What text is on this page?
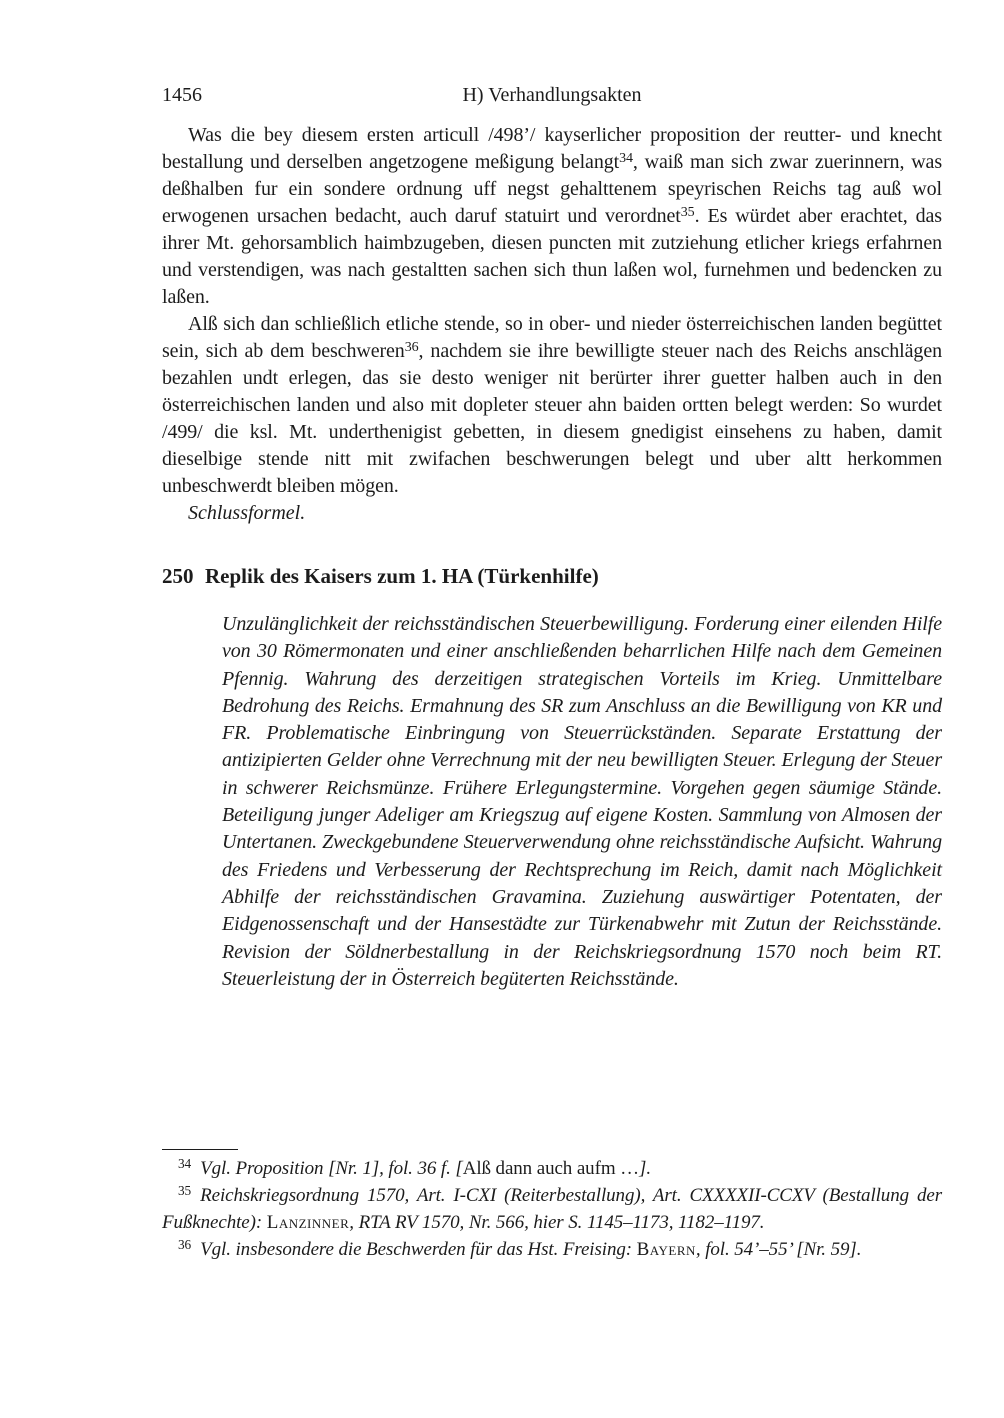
1456	H) Verhandlungsakten

Was die bey diesem ersten articull /498’/ kayserlicher proposition der reutter- und knecht bestallung und derselben angetzogene meßigung belangt$^{34}$, waiß man sich zwar zuerinnern, was deßhalben fur ein sondere ordnung uff negst gehalttenem speyrischen Reichs tag auß wol erwogenen ursachen bedacht, auch daruf statuirt und verordnet$^{35}$. Es würdet aber erachtet, das ihrer Mt. gehorsamblich haimbzugeben, diesen puncten mit zutziehung etlicher kriegs erfahrnen und verstendigen, was nach gestaltten sachen sich thun laßen wol, furnehmen und bedencken zu laßen.

Alß sich dan schließlich etliche stende, so in ober- und nieder österreichischen landen begüttet sein, sich ab dem beschweren$^{36}$, nachdem sie ihre bewilligte steuer nach des Reichs anschlägen bezahlen undt erlegen, das sie desto weniger nit berürter ihrer guetter halben auch in den österreichischen landen und also mit dopleter steuer ahn baiden ortten belegt werden: So wurdet /499/ die ksl. Mt. underthenigist gebetten, in diesem gnedigist einsehens zu haben, damit dieselbige stende nitt mit zwifachen beschwerungen belegt und uber altt herkommen unbeschwerdt bleiben mögen.

Schlussformel.

250 Replik des Kaisers zum 1. HA (Türkenhilfe)

Unzulänglichkeit der reichsständischen Steuerbewilligung. Forderung einer eilenden Hilfe von 30 Römermonaten und einer anschließenden beharrlichen Hilfe nach dem Gemeinen Pfennig. Wahrung des derzeitigen strategischen Vorteils im Krieg. Unmittelbare Bedrohung des Reichs. Ermahnung des SR zum Anschluss an die Bewilligung von KR und FR. Problematische Einbringung von Steuerrückständen. Separate Erstattung der antizipierten Gelder ohne Verrechnung mit der neu bewilligten Steuer. Erlegung der Steuer in schwerer Reichsmünze. Frühere Erlegungstermine. Vorgehen gegen säumige Stände. Beteiligung junger Adeliger am Kriegszug auf eigene Kosten. Sammlung von Almosen der Untertanen. Zweckgebundene Steuerverwendung ohne reichsständische Aufsicht. Wahrung des Friedens und Verbesserung der Rechtsprechung im Reich, damit nach Möglichkeit Abhilfe der reichsständischen Gravamina. Zuziehung auswärtiger Potentaten, der Eidgenossenschaft und der Hansestädte zur Türkenabwehr mit Zutun der Reichsstände. Revision der Söldnerbestallung in der Reichskriegsordnung 1570 noch beim RT. Steuerleistung der in Österreich begüterten Reichsstände.

$^{34}$ Vgl. Proposition [Nr. 1], fol. 36 f. [Alß dann auch aufm …].

$^{35}$ Reichskriegsordnung 1570, Art. I-CXI (Reiterbestallung), Art. CXXXXII-CCXV (Bestallung der Fußknechte): Lanzinner, RTA RV 1570, Nr. 566, hier S. 1145–1173, 1182–1197.

$^{36}$ Vgl. insbesondere die Beschwerden für das Hst. Freising: Bayern, fol. 54’–55’ [Nr. 59].
